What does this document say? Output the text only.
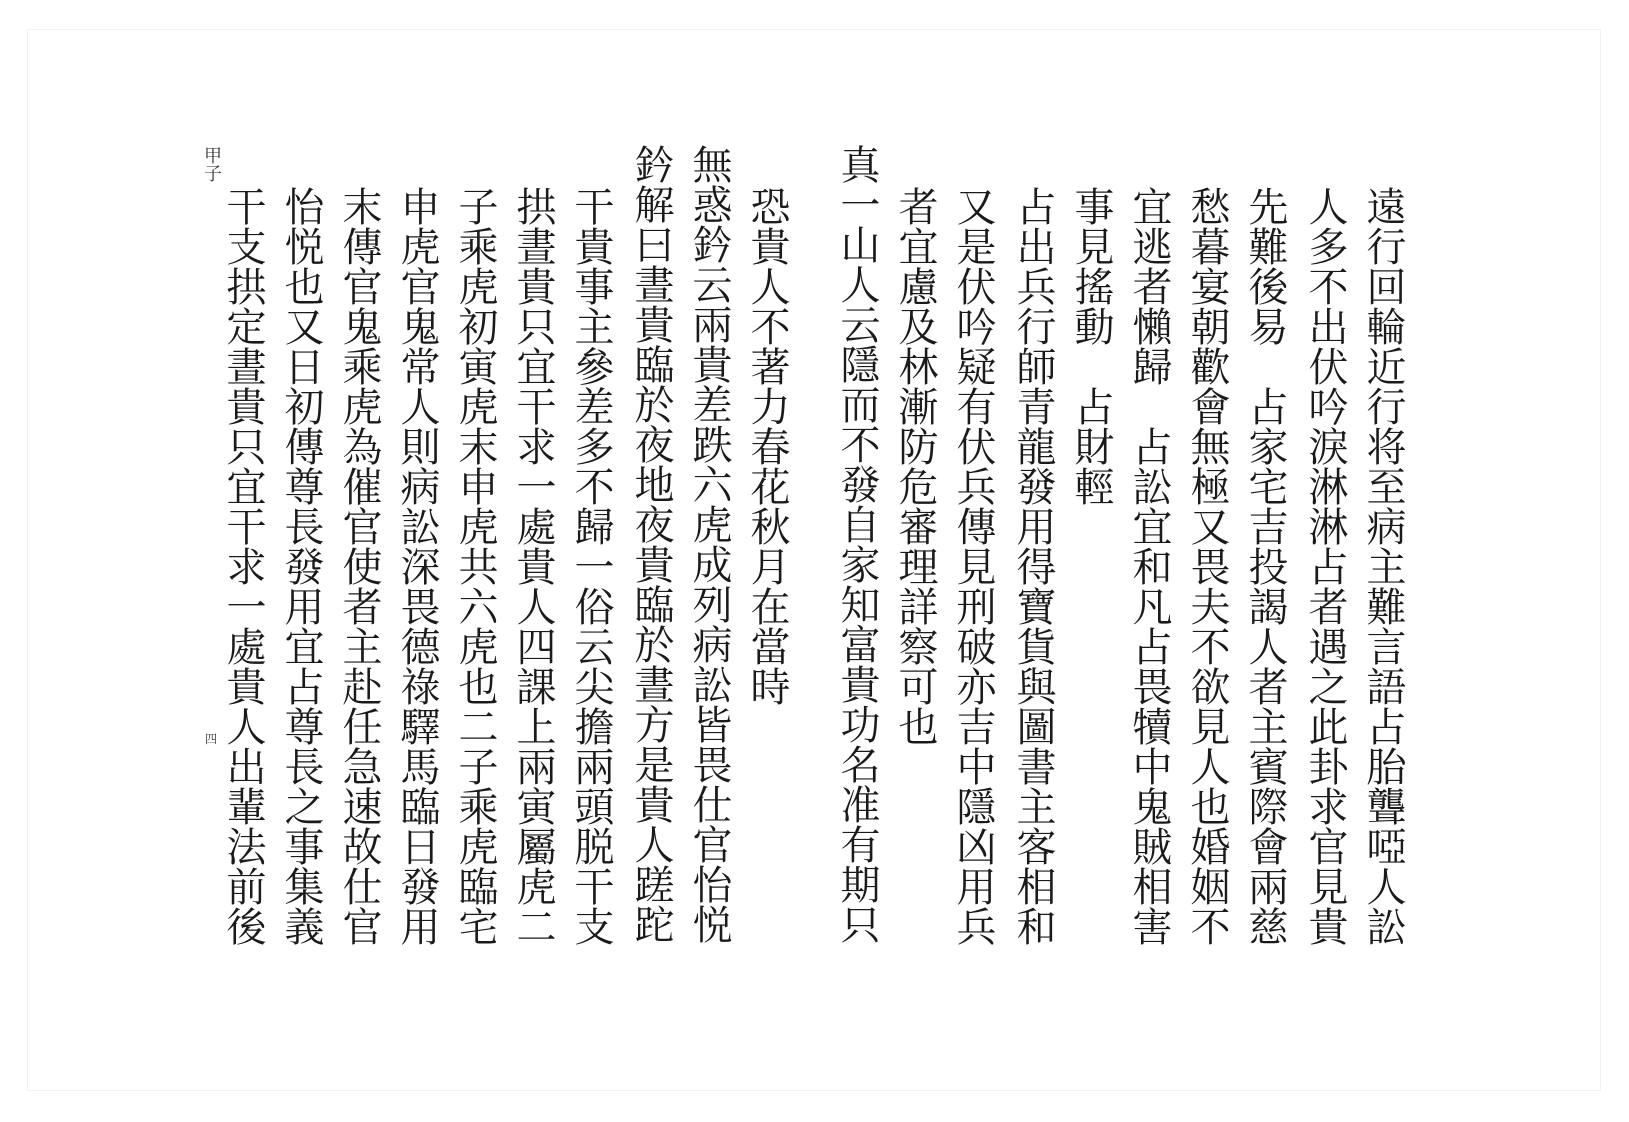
遠行回輪近行将至病主難言語占胎聾啞人訟
人多不出伏吟淚淋淋占者遇之此卦求官見貴
先難後易　占家宅吉投謁人者主賓際會兩慈
愁暮宴朝歡會無極又畏夫不欲見人也婚姻不
宜逃者懶歸　占訟宜和凡占畏犢中鬼賊相害
事見搖動　占財輕
占出兵行師青龍發用得寶貨與圖書主客相和
又是伏吟疑有伏兵傳見刑破亦吉中隱凶用兵
者宜慮及林漸防危審理詳察可也
真一山人云隱而不發自家知富貴功名准有期只
恐貴人不著力春花秋月在當時
無惑鈐云兩貴差跌六虎成列病訟皆畏仕官怡悦
鈐解曰晝貴臨於夜地夜貴臨於晝方是貴人蹉跎
干貴事主參差多不歸一俗云尖擔兩頭脱干支
拱晝貴只宜干求一處貴人四課上兩寅屬虎二
子乘虎初寅虎末申虎共六虎也二子乘虎臨宅
申虎官鬼常人則病訟深畏德祿驛馬臨日發用
末傳官鬼乘虎為催官使者主赴任急速故仕官
怡悦也又日初傳尊長發用宜占尊長之事集義
干支拱定晝貴只宜干求一處貴人出輩法前後
甲子
四
